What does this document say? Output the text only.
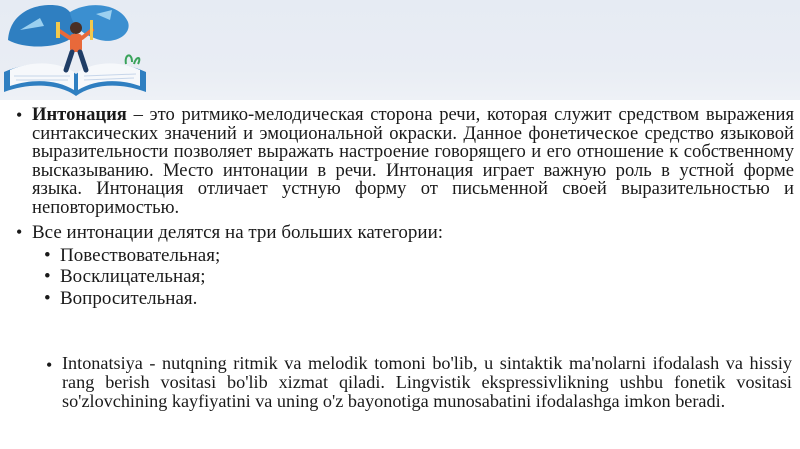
• Интонация – это ритмико-мелодическая сторона речи, которая служит средством выражения синтаксических значений и эмоциональной окраски. Данное фонетическое средство языковой выразительности позволяет выражать настроение говорящего и его отношение к собственному высказыванию. Место интонации в речи. Интонация играет важную роль в устной форме языка. Интонация отличает устную форму от письменной своей выразительностью и неповторимостью.

• Все интонации делятся на три больших категории:

• Повествовательная;
• Восклицательная;
• Вопросительная.
• Intonatsiya - nutqning ritmik va melodik tomoni bo'lib, u sintaktik ma'nolarni ifodalash va hissiy rang berish vositasi bo'lib xizmat qiladi. Lingvistik ekspressivlikning ushbu fonetik vositasi so'zlovchining kayfiyatini va uning o'z bayonotiga munosabatini ifodalashga imkon beradi.
